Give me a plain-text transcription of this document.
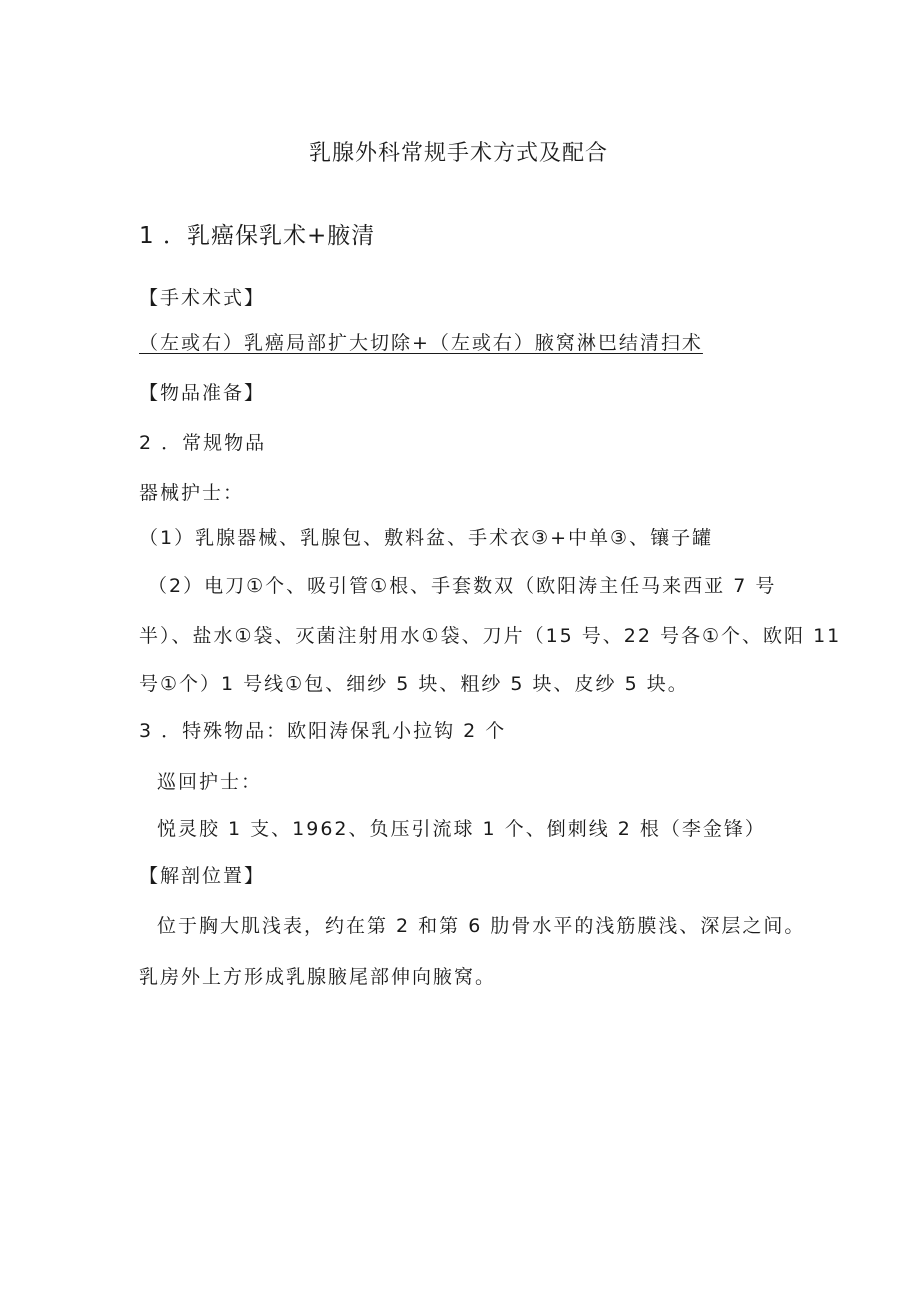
乳腺外科常规手术方式及配合
1 ．乳癌保乳术+腋清
【手术术式】
（左或右）乳癌局部扩大切除+（左或右）腋窝淋巴结清扫术
【物品准备】
2 ．常规物品
器械护士：
（1）乳腺器械、乳腺包、敷料盆、手术衣③+中单③、镶子罐
（2）电刀①个、吸引管①根、手套数双（欧阳涛主任马来西亚 7 号
半）、盐水①袋、灭菌注射用水①袋、刀片（15 号、22 号各①个、欧阳 11
号①个）1 号线①包、细纱 5 块、粗纱 5 块、皮纱 5 块。
3 ．特殊物品：欧阳涛保乳小拉钩 2 个
巡回护士：
悦灵胶 1 支、1962、负压引流球 1 个、倒刺线 2 根（李金锋）
【解剖位置】
位于胸大肌浅表，约在第 2 和第 6 肋骨水平的浅筋膜浅、深层之间。
乳房外上方形成乳腺腋尾部伸向腋窝。
